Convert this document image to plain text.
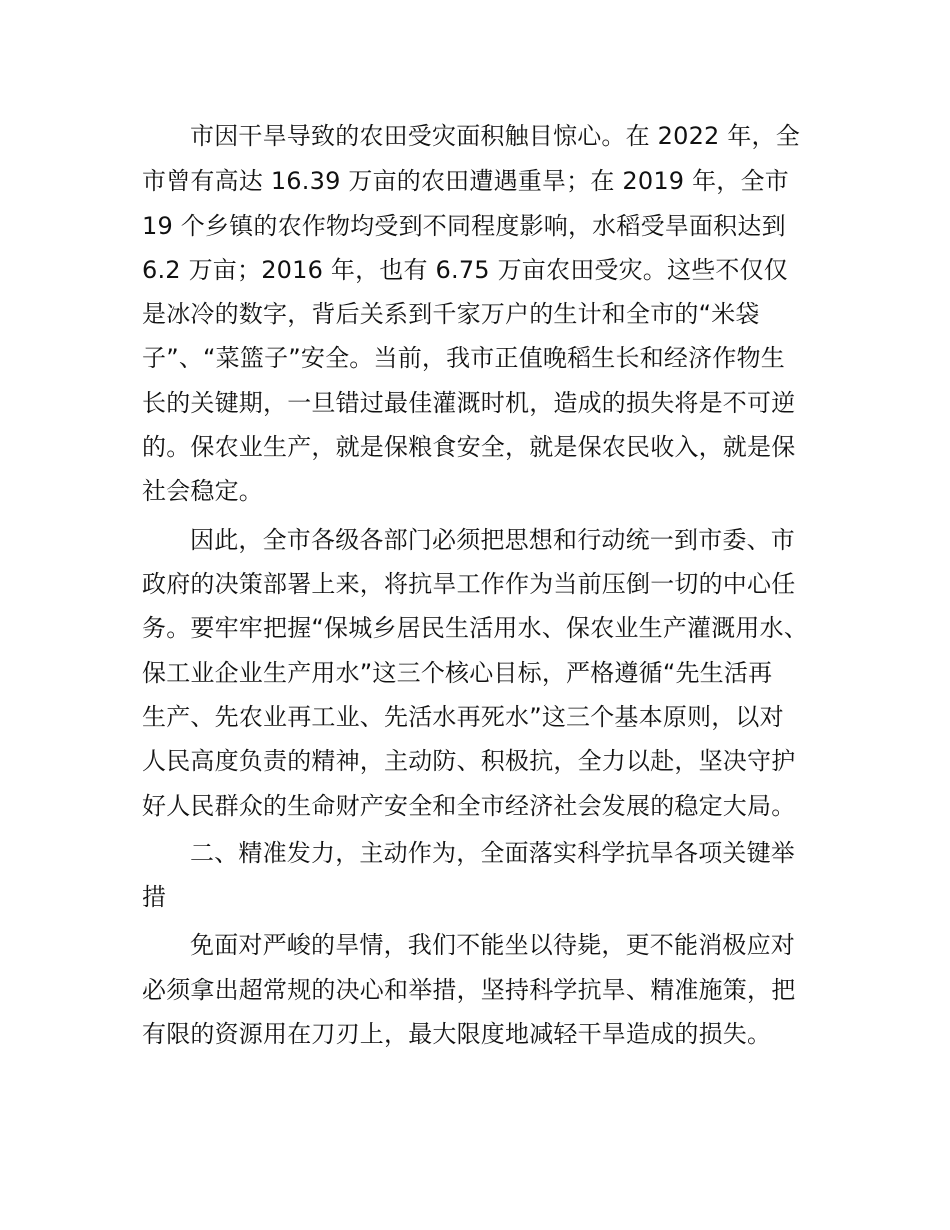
市因干旱导致的农田受灾面积触目惊心。在 2022 年，全
市曾有高达 16.39 万亩的农田遭遇重旱；在 2019 年，全市
19 个乡镇的农作物均受到不同程度影响，水稻受旱面积达到
6.2 万亩；2016 年，也有 6.75 万亩农田受灾。这些不仅仅
是冰冷的数字，背后关系到千家万户的生计和全市的“米袋
子”、“菜篮子”安全。当前，我市正值晚稻生长和经济作物生
长的关键期，一旦错过最佳灌溉时机，造成的损失将是不可逆
的。保农业生产，就是保粮食安全，就是保农民收入，就是保
社会稳定。
因此，全市各级各部门必须把思想和行动统一到市委、市
政府的决策部署上来，将抗旱工作作为当前压倒一切的中心任
务。要牢牢把握“保城乡居民生活用水、保农业生产灌溉用水、
保工业企业生产用水”这三个核心目标，严格遵循“先生活再
生产、先农业再工业、先活水再死水”这三个基本原则，以对
人民高度负责的精神，主动防、积极抗，全力以赴，坚决守护
好人民群众的生命财产安全和全市经济社会发展的稳定大局。
二、精准发力，主动作为，全面落实科学抗旱各项关键举
措
免面对严峻的旱情，我们不能坐以待毙，更不能消极应对
必须拿出超常规的决心和举措，坚持科学抗旱、精准施策，把
有限的资源用在刀刃上，最大限度地减轻干旱造成的损失。
